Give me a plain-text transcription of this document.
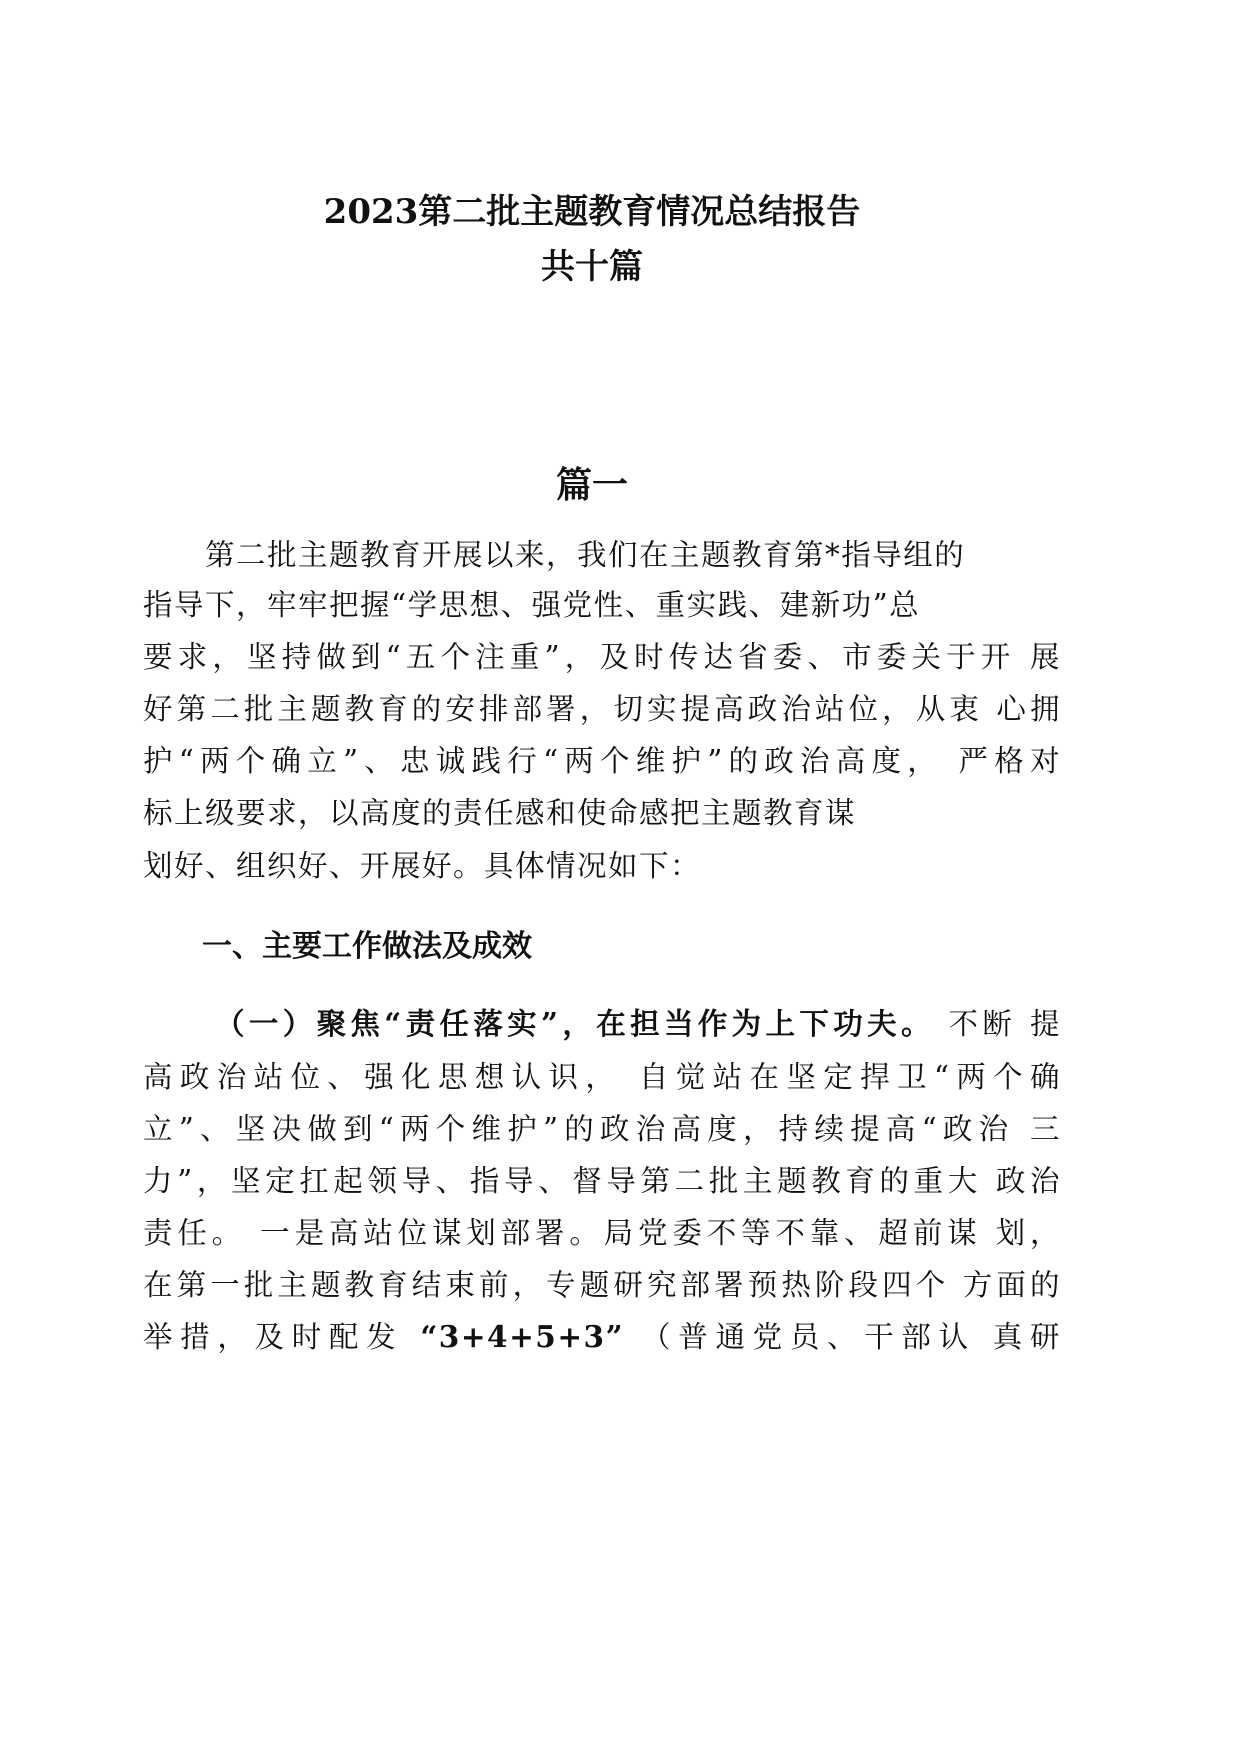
2023第二批主题教育情况总结报告
共十篇
篇一
第二批主题教育开展以来，我们在主题教育第*指导组的
指导下，牢牢把握“学思想、强党性、重实践、建新功”总
要求，坚持做到“五个注重”，及时传达省委、市委关于开 展
好第二批主题教育的安排部署，切实提高政治站位，从衷 心拥
护“两个确立”、忠诚践行“两个维护”的政治高度， 严格对
标上级要求，以高度的责任感和使命感把主题教育谋
划好、组织好、开展好。具体情况如下：
一、主要工作做法及成效
（一）聚焦“责任落实”，在担当作为上下功夫。 不断 提
高政治站位、强化思想认识， 自觉站在坚定捍卫“两个确
立”、坚决做到“两个维护”的政治高度，持续提高“政治 三
力”，坚定扛起领导、指导、督导第二批主题教育的重大 政治
责任。 一是高站位谋划部署。局党委不等不靠、超前谋 划，
在第一批主题教育结束前，专题研究部署预热阶段四个 方面的
举措，及时配发 “3+4+5+3” （普通党员、干部认 真研
